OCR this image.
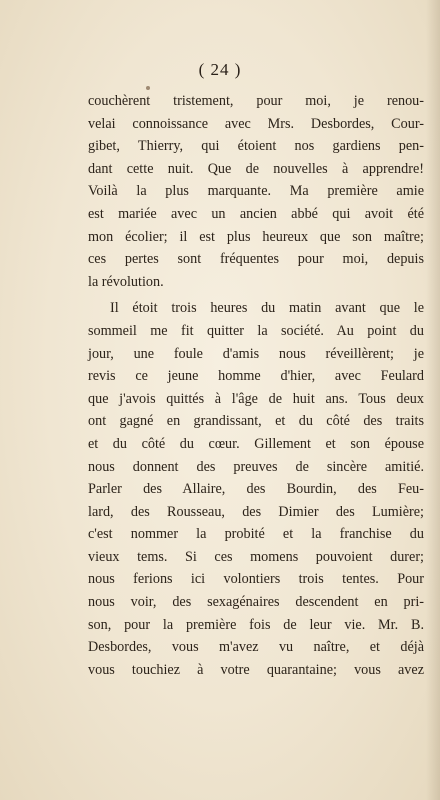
( 24 )
couchèrent tristement, pour moi, je renou-
velai connoissance avec Mrs. Desbordes, Cour-
gibet, Thierry, qui étoient nos gardiens pen-
dant cette nuit. Que de nouvelles à apprendre!
Voilà la plus marquante. Ma première amie
est mariée avec un ancien abbé qui avoit été
mon écolier; il est plus heureux que son maître;
ces pertes sont fréquentes pour moi, depuis
la révolution.
Il étoit trois heures du matin avant que le
sommeil me fit quitter la société. Au point du
jour, une foule d'amis nous réveillèrent; je
revis ce jeune homme d'hier, avec Feulard
que j'avois quittés à l'âge de huit ans. Tous deux
ont gagné en grandissant, et du côté des traits
et du côté du cœur. Gillement et son épouse
nous donnent des preuves de sincère amitié.
Parler des Allaire, des Bourdin, des Feu-
lard, des Rousseau, des Dimier des Lumière;
c'est nommer la probité et la franchise du
vieux tems. Si ces momens pouvoient durer;
nous ferions ici volontiers trois tentes. Pour
nous voir, des sexagénaires descendent en pri-
son, pour la première fois de leur vie. Mr. B.
Desbordes, vous m'avez vu naître, et déjà
vous touchiez à votre quarantaine; vous avez
